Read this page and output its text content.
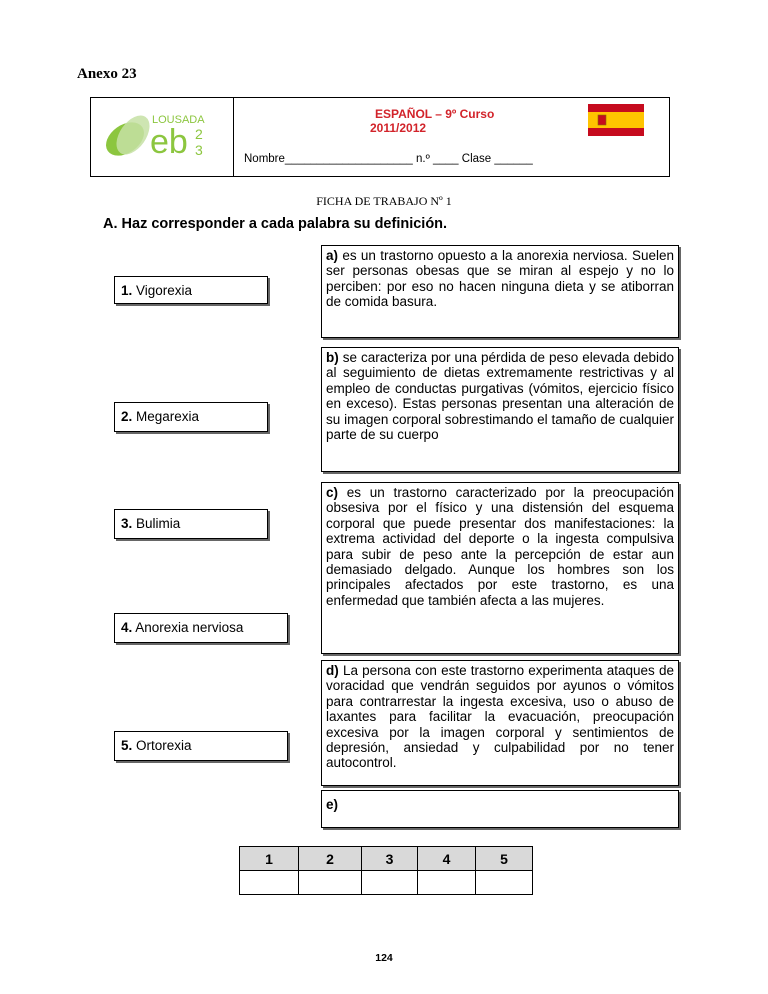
Anexo 23
LOUSADA
eb 2
3
ESPAÑOL – 9º Curso
2011/2012
Nombre____________________ n.º ____ Clase ______
FICHA DE TRABAJO Nº 1
A. Haz corresponder a cada palabra su definición.
1. Vigorexia
2. Megarexia
3. Bulimia
4. Anorexia nerviosa
5. Ortorexia
a) es un trastorno opuesto a la anorexia nerviosa. Suelen ser personas obesas que se miran al espejo y no lo perciben: por eso no hacen ninguna dieta y se atiborran de comida basura.
b) se caracteriza por una pérdida de peso elevada debido al seguimiento de dietas extremamente restrictivas y al empleo de conductas purgativas (vómitos, ejercicio físico en exceso). Estas personas presentan una alteración de su imagen corporal sobrestimando el tamaño de cualquier parte de su cuerpo
c) es un trastorno caracterizado por la preocupación obsesiva por el físico y una distensión del esquema corporal que puede presentar dos manifestaciones: la extrema actividad del deporte o la ingesta compulsiva para subir de peso ante la percepción de estar aun demasiado delgado. Aunque los hombres son los principales afectados por este trastorno, es una enfermedad que también afecta a las mujeres.
d) La persona con este trastorno experimenta ataques de voracidad que vendrán seguidos por ayunos o vómitos para contrarrestar la ingesta excesiva, uso o abuso de laxantes para facilitar la evacuación, preocupación excesiva por la imagen corporal y sentimientos de depresión, ansiedad y culpabilidad por no tener autocontrol.
e)
1	2	3	4	5

124
